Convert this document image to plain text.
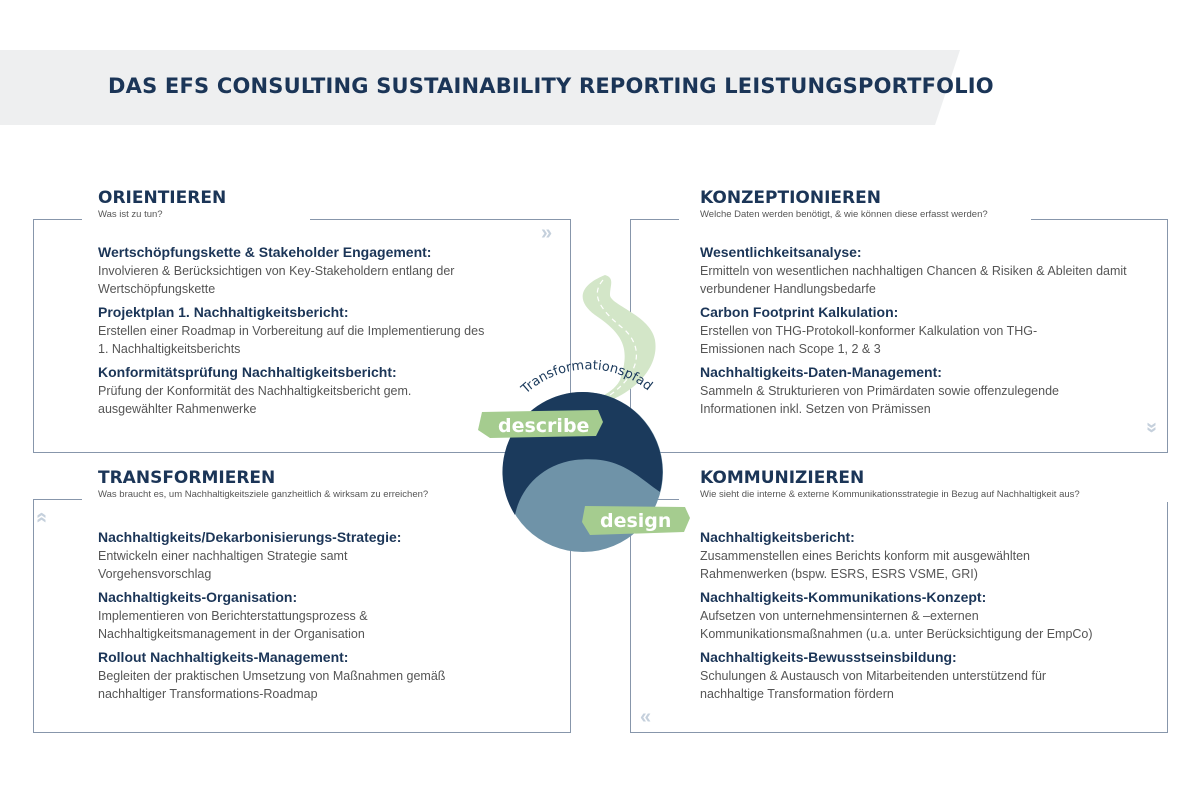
DAS EFS CONSULTING SUSTAINABILITY REPORTING LEISTUNGSPORTFOLIO
ORIENTIEREN
Was ist zu tun?
KONZEPTIONIEREN
Welche Daten werden benötigt, & wie können diese erfasst werden?
TRANSFORMIEREN
Was braucht es, um Nachhaltigkeitsziele ganzheitlich & wirksam zu erreichen?
KOMMUNIZIEREN
Wie sieht die interne & externe Kommunikationsstrategie in Bezug auf Nachhaltigkeit aus?
Wertschöpfungskette & Stakeholder Engagement:

Involvieren & Berücksichtigen von Key-Stakeholdern entlang der Wertschöpfungskette

Projektplan 1. Nachhaltigkeitsbericht:

Erstellen einer Roadmap in Vorbereitung auf die Implementierung des 1. Nachhaltigkeitsberichts

Konformitätsprüfung Nachhaltigkeitsbericht:

Prüfung der Konformität des Nachhaltigkeitsbericht gem. ausgewählter Rahmenwerke

Wesentlichkeitsanalyse:

Ermitteln von wesentlichen nachhaltigen Chancen & Risiken & Ableiten damit verbundener Handlungsbedarfe

Carbon Footprint Kalkulation:

Erstellen von THG-Protokoll-konformer Kalkulation von THG-Emissionen nach Scope 1, 2 & 3

Nachhaltigkeits-Daten-Management:

Sammeln & Strukturieren von Primärdaten sowie offenzulegende Informationen inkl. Setzen von Prämissen

Nachhaltigkeits/Dekarbonisierungs-Strategie:

Entwickeln einer nachhaltigen Strategie samt Vorgehensvorschlag

Nachhaltigkeits-Organisation:

Implementieren von Berichterstattungsprozess & Nachhaltigkeitsmanagement in der Organisation

Rollout Nachhaltigkeits-Management:

Begleiten der praktischen Umsetzung von Maßnahmen gemäß nachhaltiger Transformations-Roadmap

Nachhaltigkeitsbericht:

Zusammenstellen eines Berichts konform mit ausgewählten Rahmenwerken (bspw. ESRS, ESRS VSME, GRI)

Nachhaltigkeits-Kommunikations-Konzept:

Aufsetzen von unternehmensinternen & –externen Kommunikationsmaßnahmen (u.a. unter Berücksichtigung der EmpCo)

Nachhaltigkeits-Bewusstseinsbildung:

Schulungen & Austausch von Mitarbeitenden unterstützend für nachhaltige Transformation fördern

»
»
»
«
describe
design
Transformationspfad
